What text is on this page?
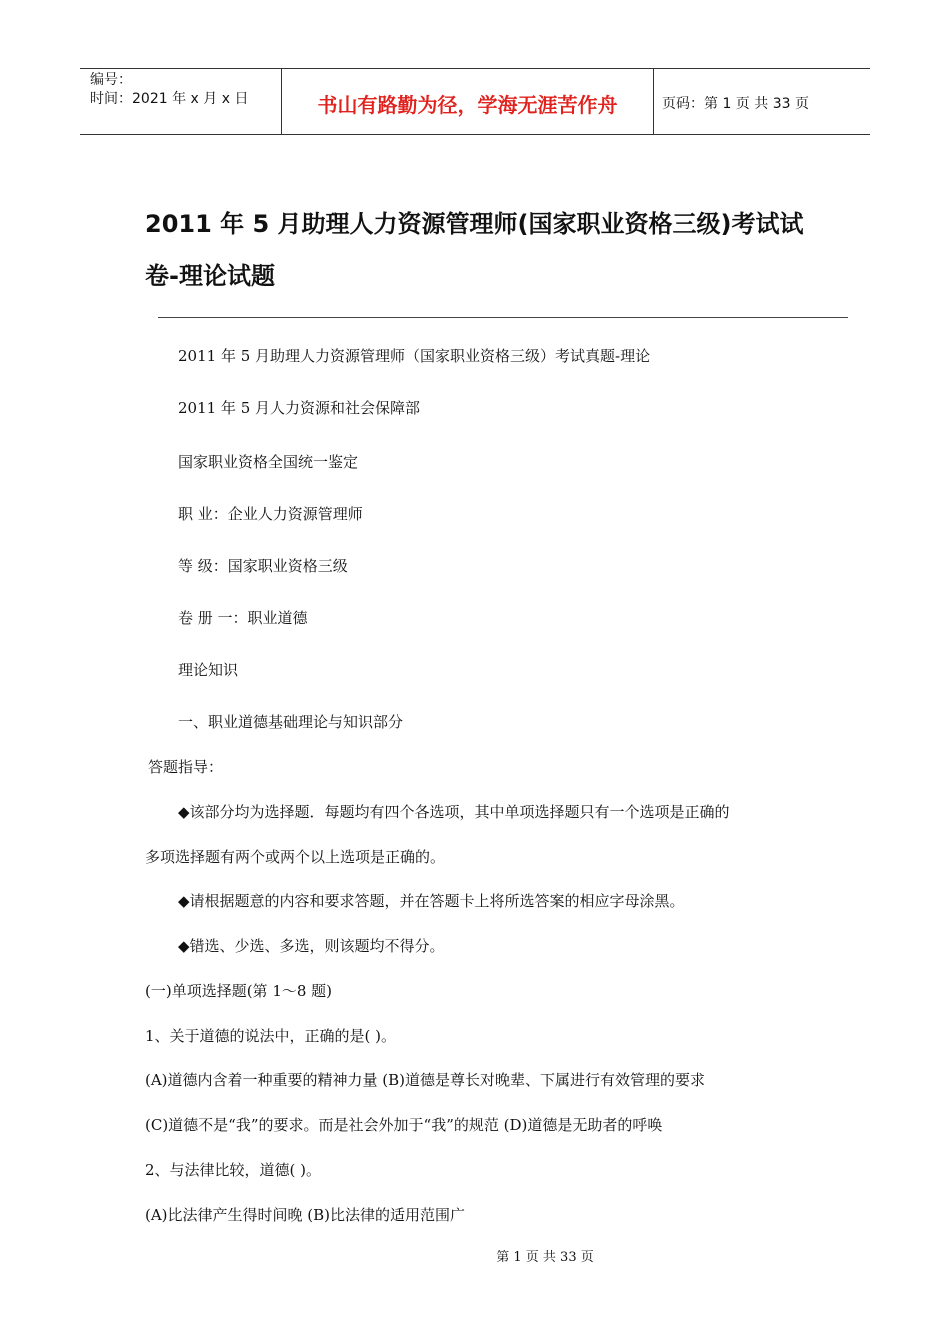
编号：
时间：2021 年 x 月 x 日	书山有路勤为径，学海无涯苦作舟	页码：第 1 页 共 33 页
2011 年 5 月助理人力资源管理师(国家职业资格三级)考试试卷-理论试题
2011 年 5 月助理人力资源管理师（国家职业资格三级）考试真题-理论
2011 年 5 月人力资源和社会保障部
国家职业资格全国统一鉴定
职 业：企业人力资源管理师
等 级：国家职业资格三级
卷 册 一：职业道德
理论知识
一、职业道德基础理论与知识部分
答题指导：
◆该部分均为选择题．每题均有四个各选项，其中单项选择题只有一个选项是正确的
多项选择题有两个或两个以上选项是正确的。
◆请根据题意的内容和要求答题，并在答题卡上将所选答案的相应字母涂黑。
◆错选、少选、多选，则该题均不得分。
(一)单项选择题(第 1～8 题)
1、关于道德的说法中，正确的是( )。
(A)道德内含着一种重要的精神力量 (B)道德是尊长对晚辈、下属进行有效管理的要求
(C)道德不是“我”的要求。而是社会外加于“我”的规范 (D)道德是无助者的呼唤
2、与法律比较，道德( )。
(A)比法律产生得时间晚 (B)比法律的适用范围广
第 1 页 共 33 页
